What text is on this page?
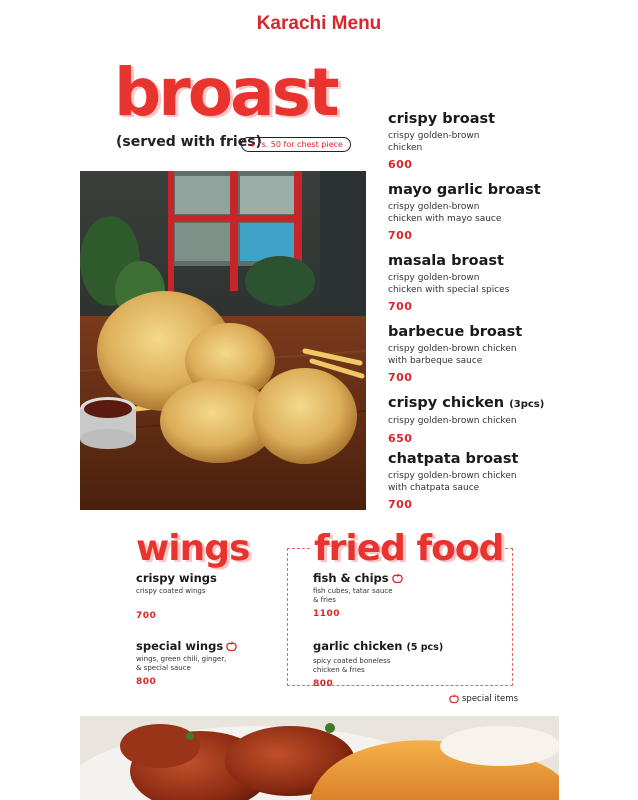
Karachi Menu
broast
(served with fries)
+ rs. 50 for chest piece
crispy broast
crispy golden-brown
chicken
600
mayo garlic broast
crispy golden-brown
chicken with mayo sauce
700
masala broast
crispy golden-brown
chicken with special spices
700
barbecue broast
crispy golden-brown chicken
with barbeque sauce
700
crispy chicken (3pcs)
crispy golden-brown chicken
650
chatpata broast
crispy golden-brown chicken
with chatpata sauce
700
wings
crispy wings
crispy coated wings
700
special wings
wings, green chili, ginger,
& special sauce
800
fried food
fish & chips
fish cubes, tatar sauce
& fries
1100
garlic chicken (5 pcs)
spicy coated boneless
chicken & fries
800
special items
